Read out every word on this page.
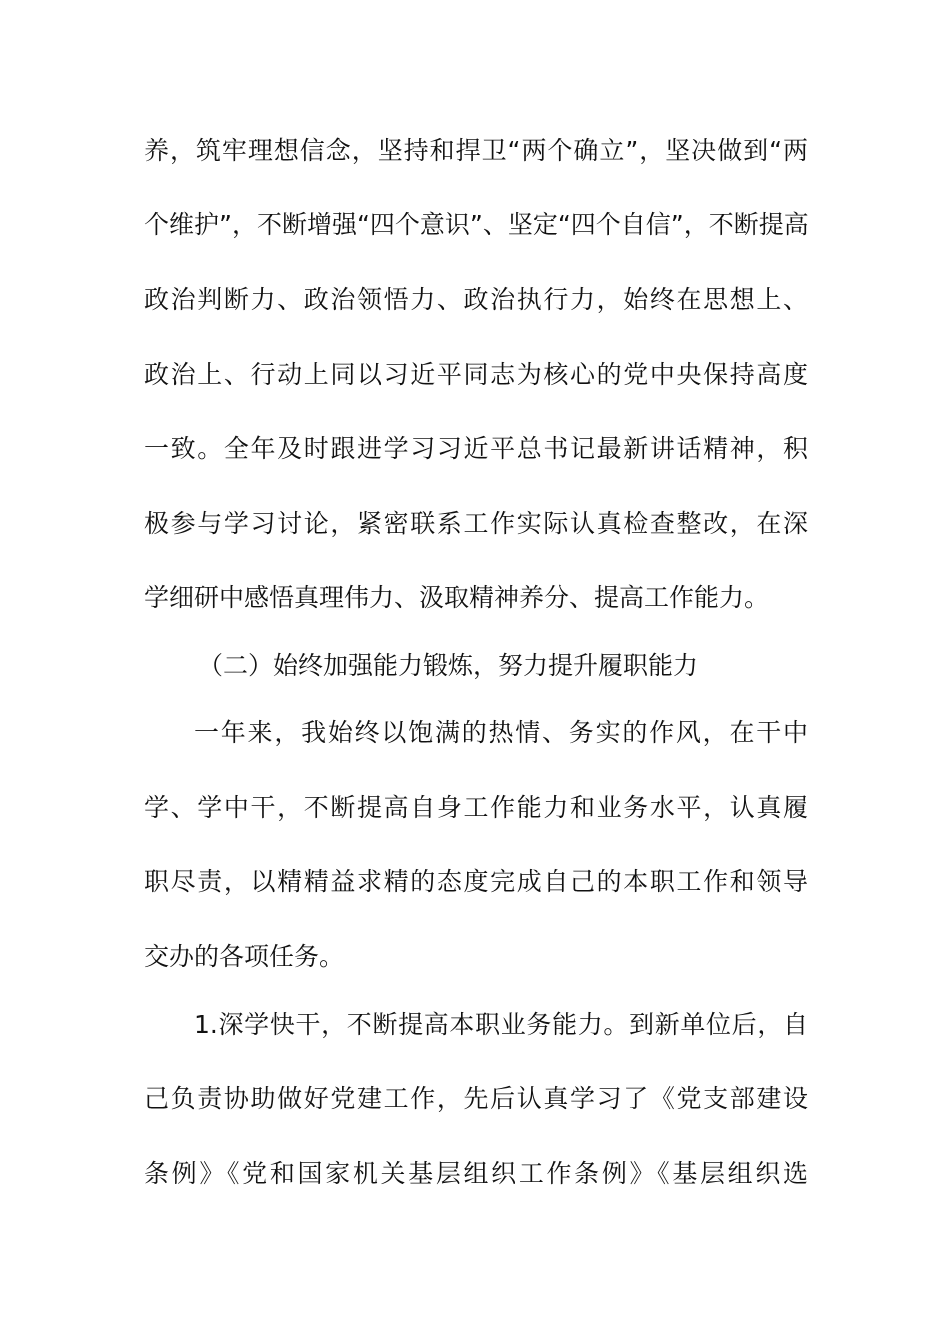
养，筑牢理想信念，坚持和捍卫“两个确立”，坚决做到“两
个维护”，不断增强“四个意识”、坚定“四个自信”，不断提高
政治判断力、政治领悟力、政治执行力，始终在思想上、
政治上、行动上同以习近平同志为核心的党中央保持高度
一致。全年及时跟进学习习近平总书记最新讲话精神，积
极参与学习讨论，紧密联系工作实际认真检查整改，在深
学细研中感悟真理伟力、汲取精神养分、提高工作能力。
（二）始终加强能力锻炼，努力提升履职能力
一年来，我始终以饱满的热情、务实的作风，在干中
学、学中干，不断提高自身工作能力和业务水平，认真履
职尽责，以精精益求精的态度完成自己的本职工作和领导
交办的各项任务。
1.深学快干，不断提高本职业务能力。到新单位后，自
己负责协助做好党建工作，先后认真学习了《党支部建设
条例》《党和国家机关基层组织工作条例》《基层组织选
